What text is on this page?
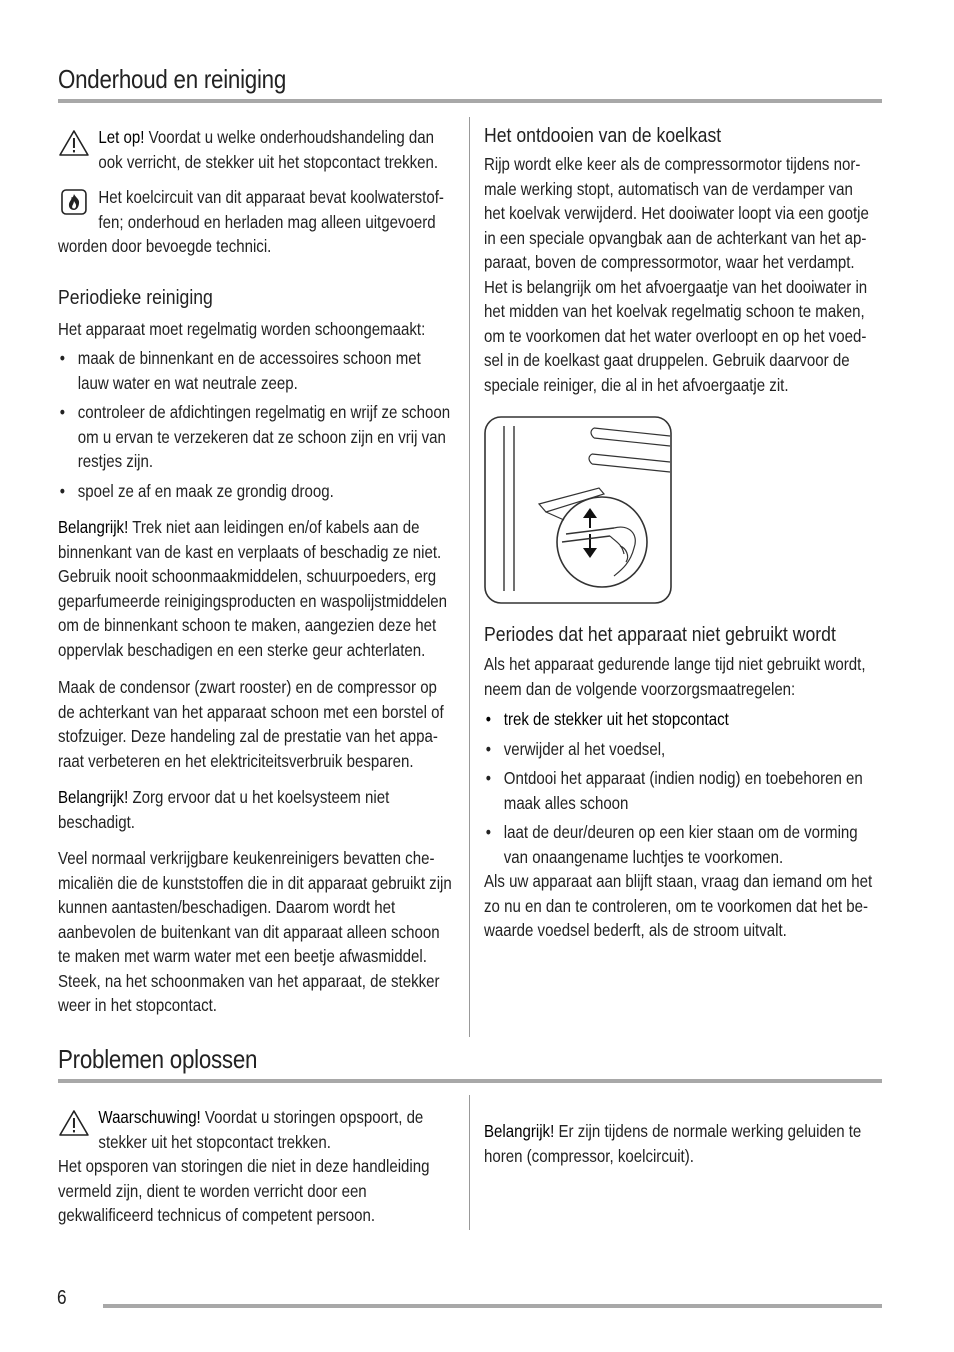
Onderhoud en reiniging

Let op! Voordat u welke onderhoudshandeling dan ook verricht, de stekker uit het stopcontact trekken.

Het koelcircuit van dit apparaat bevat koolwaterstof- fen; onderhoud en herladen mag alleen uitgevoerd worden door bevoegde technici.

Periodieke reiniging

Het apparaat moet regelmatig worden schoongemaakt:

• maak de binnenkant en de accessoires schoon met lauw water en wat neutrale zeep.
• controleer de afdichtingen regelmatig en wrijf ze schoon om u ervan te verzekeren dat ze schoon zijn en vrij van restjes zijn.
• spoel ze af en maak ze grondig droog.

Belangrijk! Trek niet aan leidingen en/of kabels aan de binnenkant van de kast en verplaats of beschadig ze niet. Gebruik nooit schoonmaakmiddelen, schuurpoeders, erg geparfumeerde reinigingsproducten en waspolijstmiddelen om de binnenkant schoon te maken, aangezien deze het oppervlak beschadigen en een sterke geur achterlaten.

Maak de condensor (zwart rooster) en de compressor op de achterkant van het apparaat schoon met een borstel of stofzuiger. Deze handeling zal de prestatie van het appa- raat verbeteren en het elektriciteitsverbruik besparen.

Belangrijk! Zorg ervoor dat u het koelsysteem niet beschadigt.

Veel normaal verkrijgbare keukenreinigers bevatten che- micaliën die de kunststoffen die in dit apparaat gebruikt zijn kunnen aantasten/beschadigen. Daarom wordt het aanbevolen de buitenkant van dit apparaat alleen schoon te maken met warm water met een beetje afwasmiddel. Steek, na het schoonmaken van het apparaat, de stekker weer in het stopcontact.

Het ontdooien van de koelkast

Rijp wordt elke keer als de compressormotor tijdens nor- male werking stopt, automatisch van de verdamper van het koelvak verwijderd. Het dooiwater loopt via een gootje in een speciale opvangbak aan de achterkant van het ap- paraat, boven de compressormotor, waar het verdampt. Het is belangrijk om het afvoergaatje van het dooiwater in het midden van het koelvak regelmatig schoon te maken, om te voorkomen dat het water overloopt en op het voed- sel in de koelkast gaat druppelen. Gebruik daarvoor de speciale reiniger, die al in het afvoergaatje zit.

Periodes dat het apparaat niet gebruikt wordt

Als het apparaat gedurende lange tijd niet gebruikt wordt, neem dan de volgende voorzorgsmaatregelen:

• trek de stekker uit het stopcontact
• verwijder al het voedsel,
• Ontdooi het apparaat (indien nodig) en toebehoren en maak alles schoon
• laat de deur/deuren op een kier staan om de vorming van onaangename luchtjes te voorkomen.

Als uw apparaat aan blijft staan, vraag dan iemand om het zo nu en dan te controleren, om te voorkomen dat het be- waarde voedsel bederft, als de stroom uitvalt.

Problemen oplossen

Waarschuwing! Voordat u storingen opspoort, de stekker uit het stopcontact trekken.

Het opsporen van storingen die niet in deze handleiding vermeld zijn, dient te worden verricht door een gekwalificeerd technicus of competent persoon.

Belangrijk! Er zijn tijdens de normale werking geluiden te horen (compressor, koelcircuit).

6
